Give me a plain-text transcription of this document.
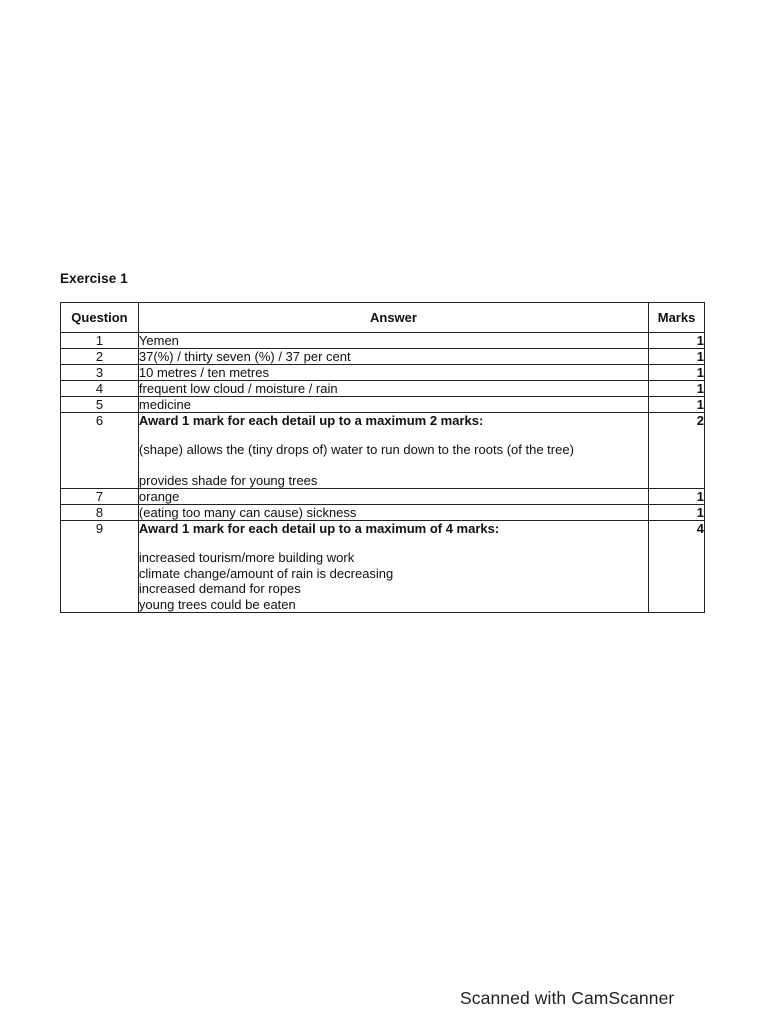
Exercise 1
Question	Answer	Marks
1	Yemen	1
2	37(%) / thirty seven (%) / 37 per cent	1
3	10 metres / ten metres	1
4	frequent low cloud / moisture / rain	1
5	medicine	1
6	Award 1 mark for each detail up to a maximum 2 marks:
(shape) allows the (tiny drops of) water to run down to the roots (of the tree)
provides shade for young trees	2
7	orange	1
8	(eating too many can cause) sickness	1
9	Award 1 mark for each detail up to a maximum of 4 marks:
increased tourism/more building work
climate change/amount of rain is decreasing
increased demand for ropes
young trees could be eaten	4
Scanned with CamScanner
